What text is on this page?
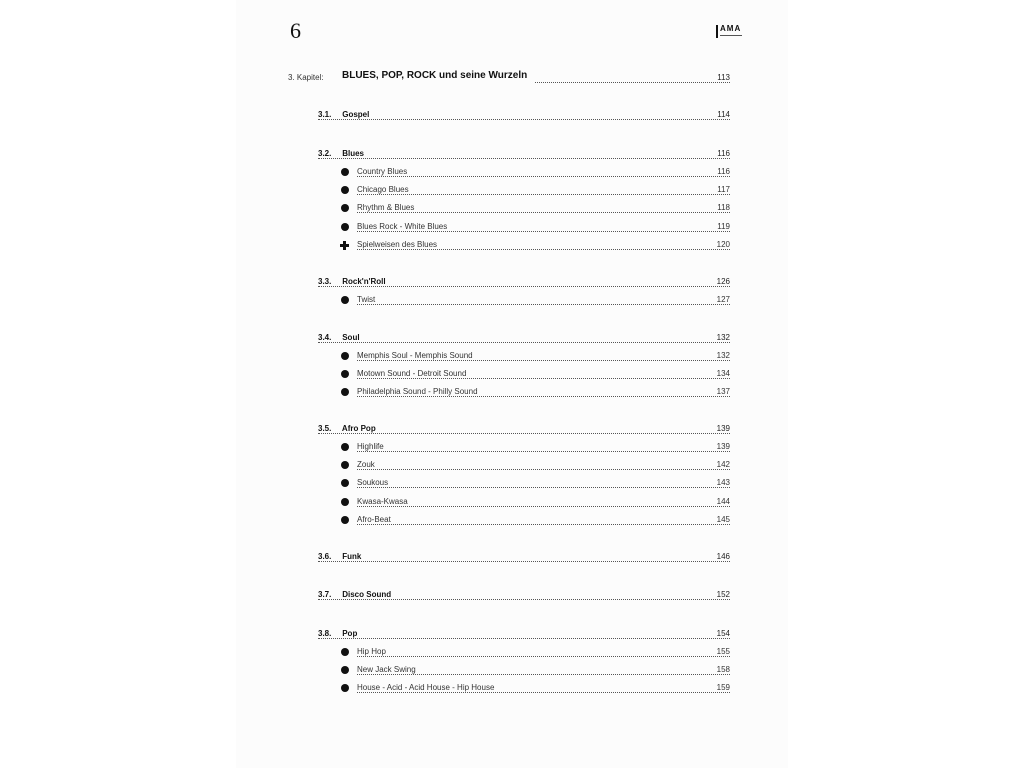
6	AMA
3. Kapitel: BLUES, POP, ROCK und seine Wurzeln	113
3.1. Gospel	114
3.2. Blues	116
Country Blues	116
Chicago Blues	117
Rhythm & Blues	118
Blues Rock - White Blues	119
Spielweisen des Blues	120
3.3. Rock'n'Roll	126
Twist	127
3.4. Soul	132
Memphis Soul - Memphis Sound	132
Motown Sound - Detroit Sound	134
Philadelphia Sound - Philly Sound	137
3.5. Afro Pop	139
Highlife	139
Zouk	142
Soukous	143
Kwasa-Kwasa	144
Afro-Beat	145
3.6. Funk	146
3.7. Disco Sound	152
3.8. Pop	154
Hip Hop	155
New Jack Swing	158
House - Acid - Acid House - Hip House	159
